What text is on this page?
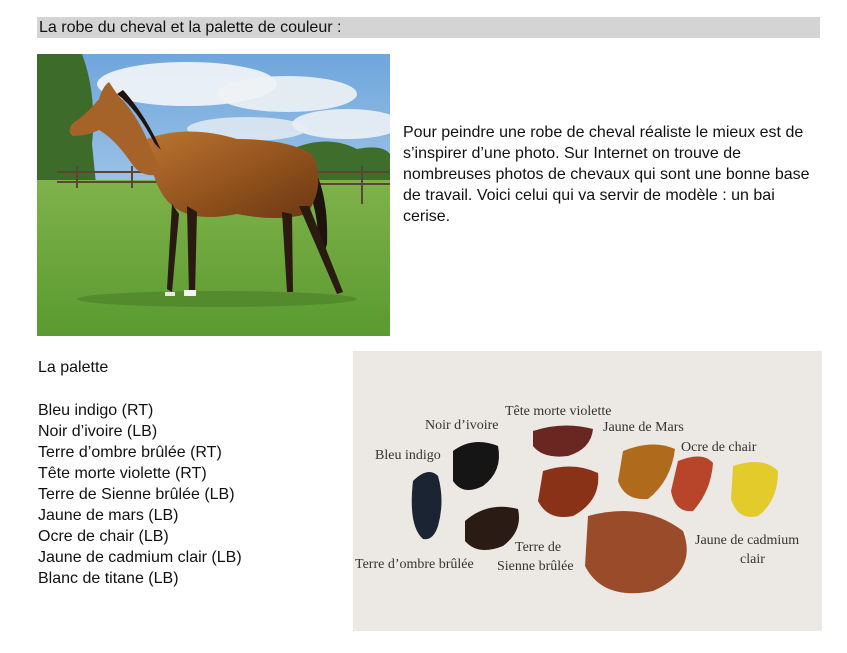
La robe du cheval et la palette de couleur :
Pour peindre une robe de cheval réaliste le mieux est de s’inspirer d’une photo. Sur Internet on trouve de nombreuses photos de chevaux qui sont une bonne base de travail. Voici celui qui va servir de modèle : un bai cerise.
La palette
Bleu indigo (RT)
Noir d’ivoire (LB)
Terre d’ombre brûlée (RT)
Tête morte violette (RT)
Terre de Sienne brûlée (LB)
Jaune de mars (LB)
Ocre de chair (LB)
Jaune de cadmium clair (LB)
Blanc de titane (LB)
Bleu indigo
Noir d’ivoire
Tête morte violette
Jaune de Mars
Ocre de chair
Jaune de cadmium
clair
Terre d’ombre brûlée
Terre de
Sienne brûlée
